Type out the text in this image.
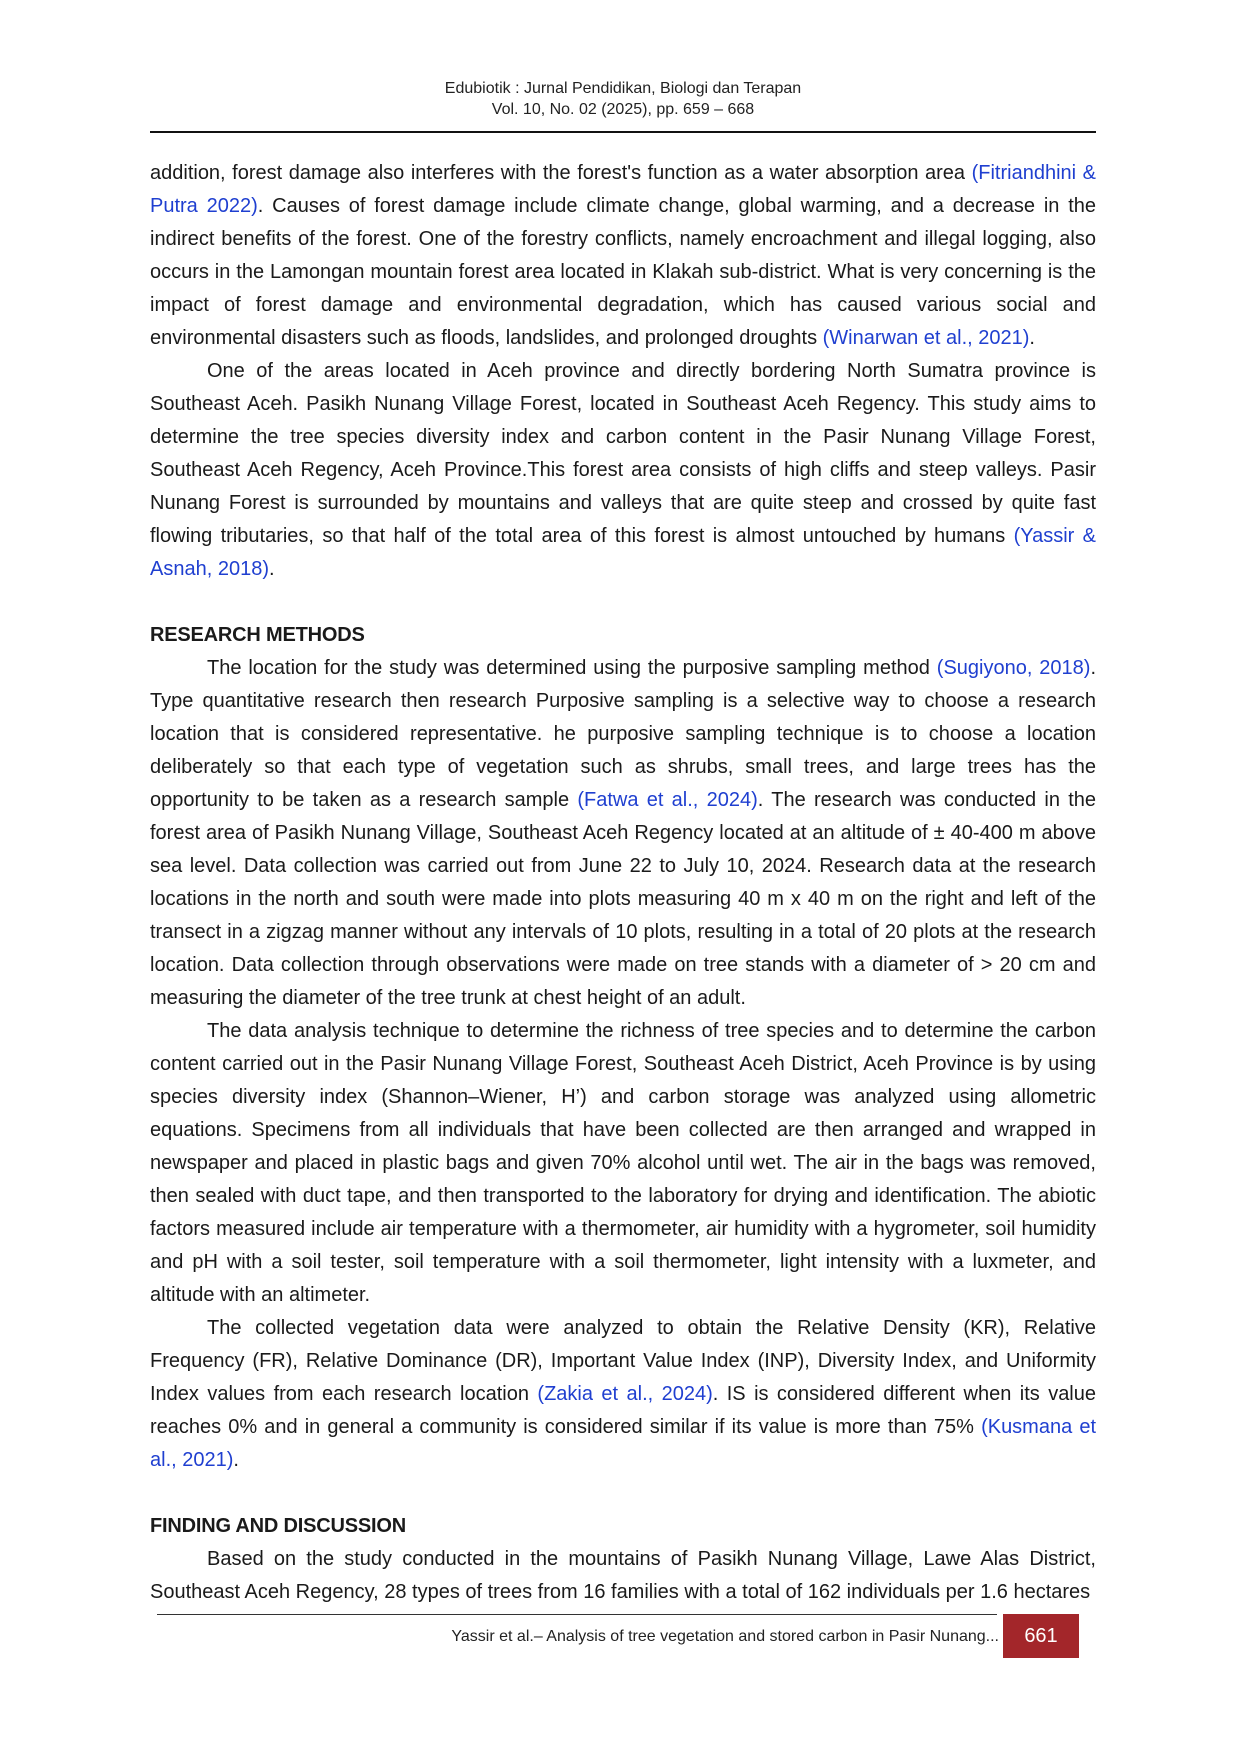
Edubiotik : Jurnal Pendidikan, Biologi dan Terapan
Vol. 10, No. 02 (2025), pp. 659 – 668

addition, forest damage also interferes with the forest's function as a water absorption area (Fitriandhini & Putra 2022). Causes of forest damage include climate change, global warming, and a decrease in the indirect benefits of the forest. One of the forestry conflicts, namely encroachment and illegal logging, also occurs in the Lamongan mountain forest area located in Klakah sub-district. What is very concerning is the impact of forest damage and environmental degradation, which has caused various social and environmental disasters such as floods, landslides, and prolonged droughts (Winarwan et al., 2021).

One of the areas located in Aceh province and directly bordering North Sumatra province is Southeast Aceh. Pasikh Nunang Village Forest, located in Southeast Aceh Regency. This study aims to determine the tree species diversity index and carbon content in the Pasir Nunang Village Forest, Southeast Aceh Regency, Aceh Province.This forest area consists of high cliffs and steep valleys. Pasir Nunang Forest is surrounded by mountains and valleys that are quite steep and crossed by quite fast flowing tributaries, so that half of the total area of this forest is almost untouched by humans (Yassir & Asnah, 2018).

RESEARCH METHODS

The location for the study was determined using the purposive sampling method (Sugiyono, 2018). Type quantitative research then research Purposive sampling is a selective way to choose a research location that is considered representative. he purposive sampling technique is to choose a location deliberately so that each type of vegetation such as shrubs, small trees, and large trees has the opportunity to be taken as a research sample (Fatwa et al., 2024). The research was conducted in the forest area of Pasikh Nunang Village, Southeast Aceh Regency located at an altitude of ± 40-400 m above sea level. Data collection was carried out from June 22 to July 10, 2024. Research data at the research locations in the north and south were made into plots measuring 40 m x 40 m on the right and left of the transect in a zigzag manner without any intervals of 10 plots, resulting in a total of 20 plots at the research location. Data collection through observations were made on tree stands with a diameter of > 20 cm and measuring the diameter of the tree trunk at chest height of an adult.

The data analysis technique to determine the richness of tree species and to determine the carbon content carried out in the Pasir Nunang Village Forest, Southeast Aceh District, Aceh Province is by using species diversity index (Shannon–Wiener, H’) and carbon storage was analyzed using allometric equations. Specimens from all individuals that have been collected are then arranged and wrapped in newspaper and placed in plastic bags and given 70% alcohol until wet. The air in the bags was removed, then sealed with duct tape, and then transported to the laboratory for drying and identification. The abiotic factors measured include air temperature with a thermometer, air humidity with a hygrometer, soil humidity and pH with a soil tester, soil temperature with a soil thermometer, light intensity with a luxmeter, and altitude with an altimeter.

The collected vegetation data were analyzed to obtain the Relative Density (KR), Relative Frequency (FR), Relative Dominance (DR), Important Value Index (INP), Diversity Index, and Uniformity Index values from each research location (Zakia et al., 2024). IS is considered different when its value reaches 0% and in general a community is considered similar if its value is more than 75% (Kusmana et al., 2021).

FINDING AND DISCUSSION

Based on the study conducted in the mountains of Pasikh Nunang Village, Lawe Alas District, Southeast Aceh Regency, 28 types of trees from 16 families with a total of 162 individuals per 1.6 hectares

Yassir et al.– Analysis of tree vegetation and stored carbon in Pasir Nunang...	661
